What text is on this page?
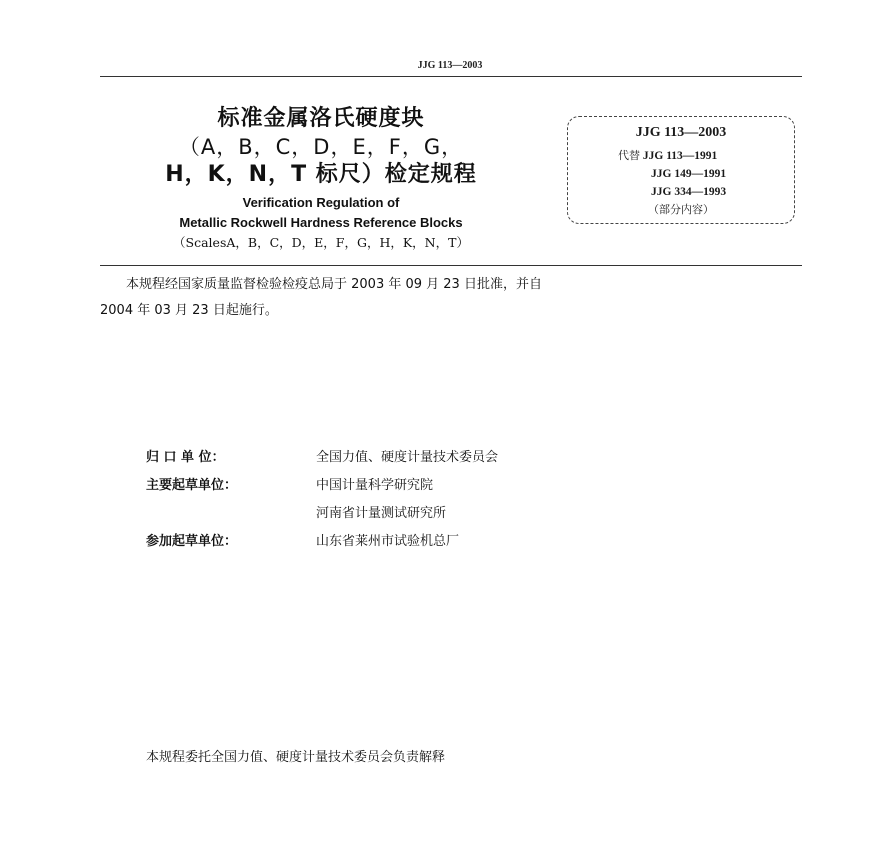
JJG 113—2003
标准金属洛氏硬度块
（A，B，C，D，E，F，G，
H，K，N，T 标尺）检定规程
Verification Regulation of
Metallic Rockwell Hardness Reference Blocks
（ScalesA，B，C，D，E，F，G，H，K，N，T）
JJG 113—2003
代替 JJG 113—1991
JJG 149—1991
JJG 334—1993
（部分内容）

本规程经国家质量监督检验检疫总局于 2003 年 09 月 23 日批准，并自

2004 年 03 月 23 日起施行。

归 口 单 位：	全国力值、硬度计量技术委员会
主要起草单位：	中国计量科学研究院
河南省计量测试研究所
参加起草单位：	山东省莱州市试验机总厂
本规程委托全国力值、硬度计量技术委员会负责解释
